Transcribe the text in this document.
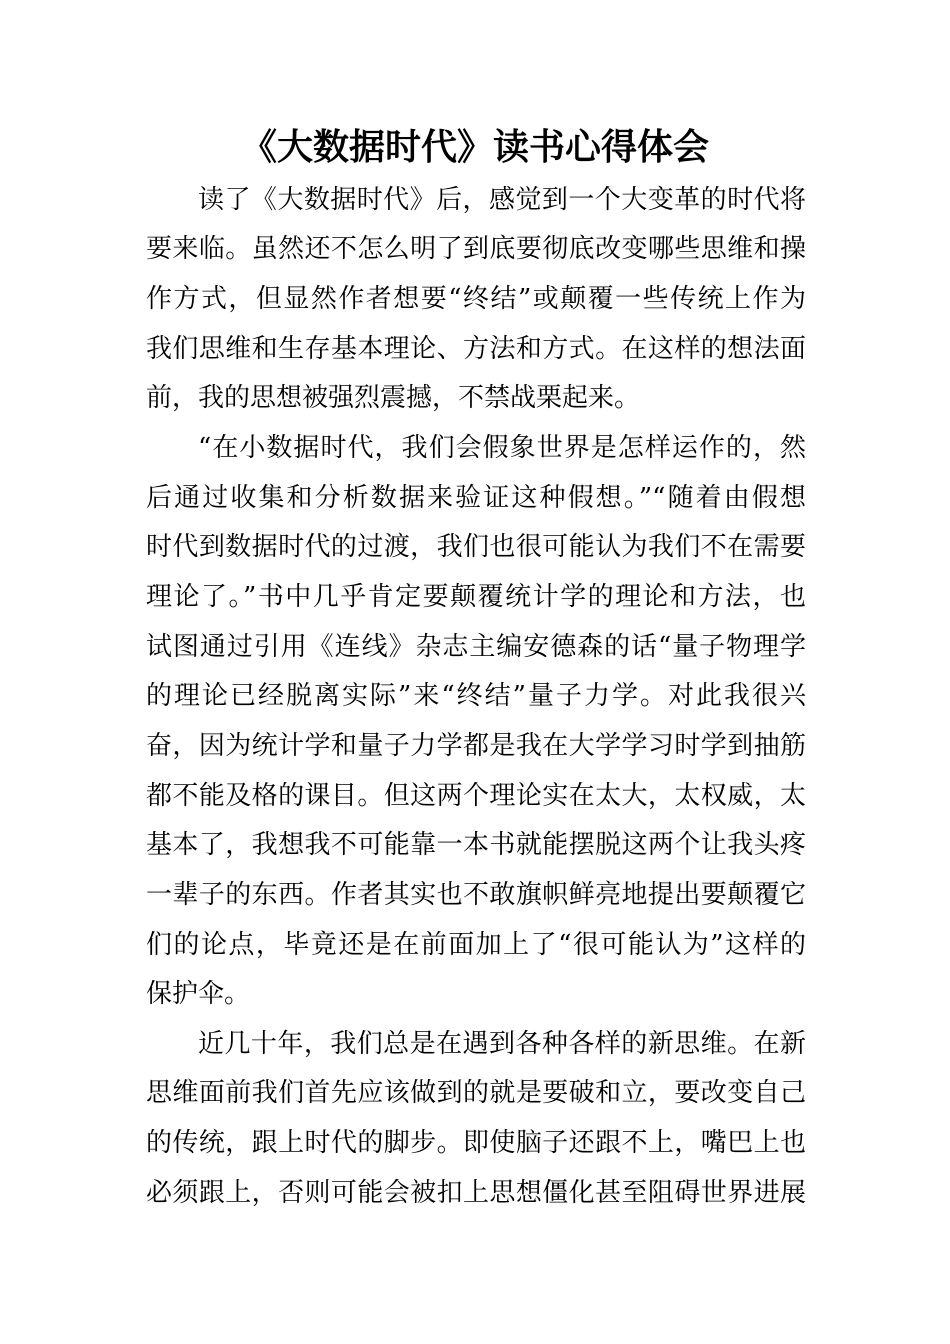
《大数据时代》读书心得体会
读了《大数据时代》后，感觉到一个大变革的时代将
要来临。虽然还不怎么明了到底要彻底改变哪些思维和操
作方式，但显然作者想要“终结”或颠覆一些传统上作为
我们思维和生存基本理论、方法和方式。在这样的想法面
前，我的思想被强烈震撼，不禁战栗起来。
“在小数据时代，我们会假象世界是怎样运作的，然
后通过收集和分析数据来验证这种假想。”“随着由假想
时代到数据时代的过渡，我们也很可能认为我们不在需要
理论了。”书中几乎肯定要颠覆统计学的理论和方法，也
试图通过引用《连线》杂志主编安德森的话“量子物理学
的理论已经脱离实际”来“终结”量子力学。对此我很兴
奋，因为统计学和量子力学都是我在大学学习时学到抽筋
都不能及格的课目。但这两个理论实在太大，太权威，太
基本了，我想我不可能靠一本书就能摆脱这两个让我头疼
一辈子的东西。作者其实也不敢旗帜鲜亮地提出要颠覆它
们的论点，毕竟还是在前面加上了“很可能认为”这样的
保护伞。
近几十年，我们总是在遇到各种各样的新思维。在新
思维面前我们首先应该做到的就是要破和立，要改变自己
的传统，跟上时代的脚步。即使脑子还跟不上，嘴巴上也
必须跟上，否则可能会被扣上思想僵化甚至阻碍世界进展
